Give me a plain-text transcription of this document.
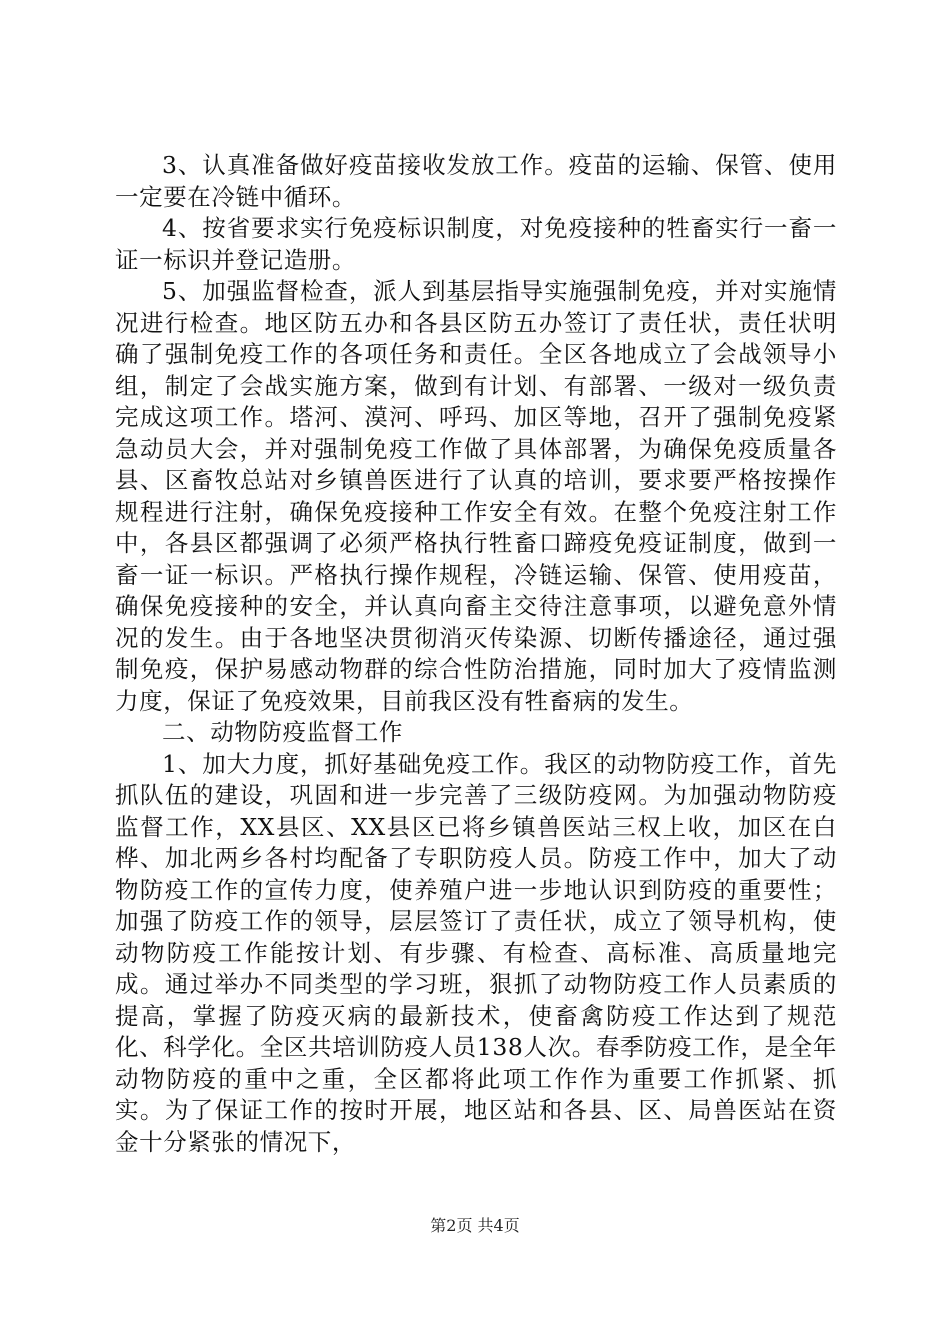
3、认真准备做好疫苗接收发放工作。疫苗的运输、保管、使用一定要在冷链中循环。

4、按省要求实行免疫标识制度，对免疫接种的牲畜实行一畜一证一标识并登记造册。

5、加强监督检查，派人到基层指导实施强制免疫，并对实施情况进行检查。地区防五办和各县区防五办签订了责任状，责任状明确了强制免疫工作的各项任务和责任。全区各地成立了会战领导小组，制定了会战实施方案，做到有计划、有部署、一级对一级负责完成这项工作。塔河、漠河、呼玛、加区等地，召开了强制免疫紧急动员大会，并对强制免疫工作做了具体部署，为确保免疫质量各县、区畜牧总站对乡镇兽医进行了认真的培训，要求要严格按操作规程进行注射，确保免疫接种工作安全有效。在整个免疫注射工作中，各县区都强调了必须严格执行牲畜口蹄疫免疫证制度，做到一畜一证一标识。严格执行操作规程，冷链运输、保管、使用疫苗，确保免疫接种的安全，并认真向畜主交待注意事项，以避免意外情况的发生。由于各地坚决贯彻消灭传染源、切断传播途径，通过强制免疫，保护易感动物群的综合性防治措施，同时加大了疫情监测力度，保证了免疫效果，目前我区没有牲畜病的发生。

二、动物防疫监督工作

1、加大力度，抓好基础免疫工作。我区的动物防疫工作，首先抓队伍的建设，巩固和进一步完善了三级防疫网。为加强动物防疫监督工作，XX县区、XX县区已将乡镇兽医站三权上收，加区在白桦、加北两乡各村均配备了专职防疫人员。防疫工作中，加大了动物防疫工作的宣传力度，使养殖户进一步地认识到防疫的重要性；加强了防疫工作的领导，层层签订了责任状，成立了领导机构，使动物防疫工作能按计划、有步骤、有检查、高标准、高质量地完成。通过举办不同类型的学习班，狠抓了动物防疫工作人员素质的提高，掌握了防疫灭病的最新技术，使畜禽防疫工作达到了规范化、科学化。全区共培训防疫人员138人次。春季防疫工作，是全年动物防疫的重中之重，全区都将此项工作作为重要工作抓紧、抓实。为了保证工作的按时开展，地区站和各县、区、局兽医站在资金十分紧张的情况下，

第2页 共4页
